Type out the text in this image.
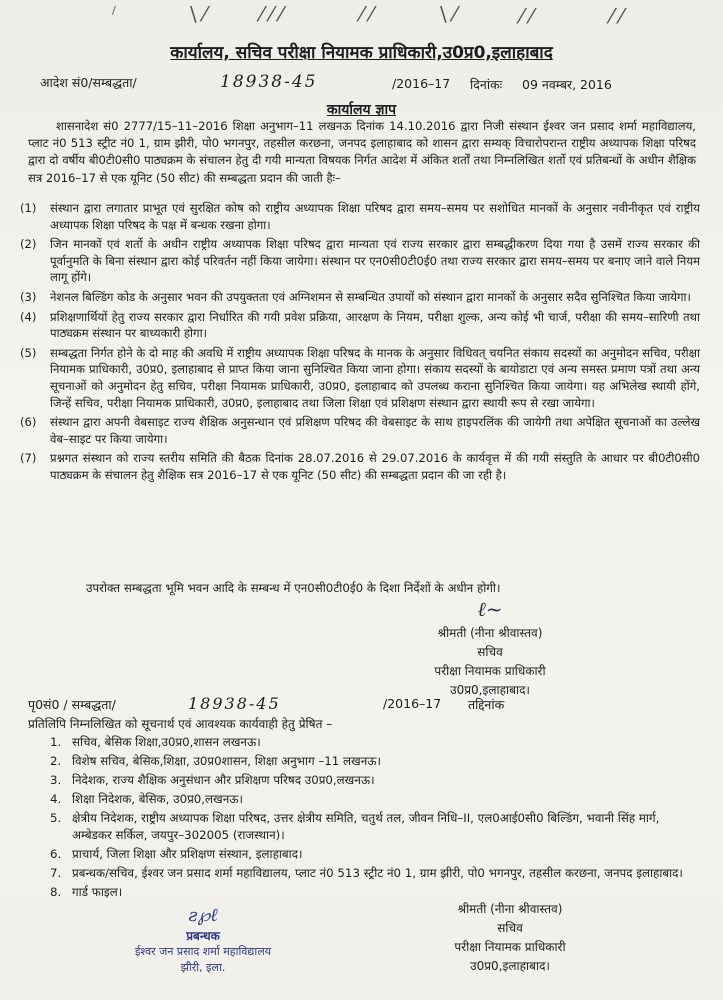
/	\ ⁄	⁄ ⁄ ⁄	⁄ ⁄	\ ⁄	⁄ ⁄	⁄ ⁄
कार्यालय, सचिव परीक्षा नियामक प्राधिकारी,उ0प्र0,इलाहाबाद
आदेश सं0/सम्बद्धता/	18938-45	/2016–17 दिनांकः 09 नवम्बर, 2016
कार्यालय ज्ञाप
शासनादेश सं0 2777/15–11–2016 शिक्षा अनुभाग–11 लखनऊ दिनांक 14.10.2016 द्वारा निजी संस्थान ईश्वर जन प्रसाद शर्मा महाविद्यालय, प्लाट नं0 513 स्ट्रीट नं0 1, ग्राम झीरी, पो0 भगनपुर, तहसील करछना, जनपद इलाहाबाद को शासन द्वारा सम्यक् विचारोपरान्त राष्ट्रीय अध्यापक शिक्षा परिषद द्वारा दो वर्षीय बी0टी0सी0 पाठ्यक्रम के संचालन हेतु दी गयी मान्यता विषयक निर्गत आदेश में अंकित शर्तों तथा निम्नलिखित शर्तो एवं प्रतिबन्धों के अधीन शैक्षिक सत्र 2016–17 से एक यूनिट (50 सीट) की सम्बद्धता प्रदान की जाती हैः–
(1)	संस्थान द्वारा लगातार प्राभूत एवं सुरक्षित कोष को राष्ट्रीय अध्यापक शिक्षा परिषद द्वारा समय–समय पर सशोधित मानकों के अनुसार नवीनीकृत एवं राष्ट्रीय अध्यापक शिक्षा परिषद के पक्ष में बन्धक रखना होगा।
(2)	जिन मानकों एवं शर्तो के अधीन राष्ट्रीय अध्यापक शिक्षा परिषद द्वारा मान्यता एवं राज्य सरकार द्वारा सम्बद्धीकरण दिया गया है उसमें राज्य सरकार की पूर्वानुमति के बिना संस्थान द्वारा कोई परिवर्तन नहीं किया जायेगा। संस्थान पर एन0सी0टी0ई0 तथा राज्य सरकार द्वारा समय–समय पर बनाए जाने वाले नियम लागू होंगे।
(3)	नेशनल बिल्डिंग कोड के अनुसार भवन की उपयुक्तता एवं अग्निशमन से सम्बन्धित उपायों को संस्थान द्वारा मानकों के अनुसार सदैव सुनिश्चित किया जायेगा।
(4)	प्रशिक्षणार्थियों हेतु राज्य सरकार द्वारा निर्धारित की गयी प्रवेश प्रक्रिया, आरक्षण के नियम, परीक्षा शुल्क, अन्य कोई भी चार्ज, परीक्षा की समय–सारिणी तथा पाठ्यक्रम संस्थान पर बाध्यकारी होगा।
(5)	सम्बद्धता निर्गत होने के दो माह की अवधि में राष्ट्रीय अध्यापक शिक्षा परिषद के मानक के अनुसार विधिवत् चयनित संकाय सदस्यों का अनुमोदन सचिव, परीक्षा नियामक प्राधिकारी, उ0प्र0, इलाहाबाद से प्राप्त किया जाना सुनिश्चित किया जाना होगा। संकाय सदस्यों के बायोडाटा एवं अन्य समस्त प्रमाण पत्रों तथा अन्य सूचनाओं को अनुमोदन हेतु सचिव, परीक्षा नियामक प्राधिकारी, उ0प्र0, इलाहाबाद को उपलब्ध कराना सुनिश्चित किया जायेगा। यह अभिलेख स्थायी होंगे, जिन्हें सचिव, परीक्षा नियामक प्राधिकारी, उ0प्र0, इलाहाबाद तथा जिला शिक्षा एवं प्रशिक्षण संस्थान द्वारा स्थायी रूप से रखा जायेगा।
(6)	संस्थान द्वारा अपनी वेबसाइट राज्य शैक्षिक अनुसन्धान एवं प्रशिक्षण परिषद की वेबसाइट के साथ हाइपरलिंक की जायेगी तथा अपेक्षित सूचनाओं का उल्लेख वेब–साइट पर किया जायेगा।
(7)	प्रश्नगत संस्थान को राज्य स्तरीय समिति की बैठक दिनांक 28.07.2016 से 29.07.2016 के कार्यवृत्त में की गयी संस्तुति के आधार पर बी0टी0सी0 पाठ्यक्रम के संचालन हेतु शैक्षिक सत्र 2016–17 से एक यूनिट (50 सीट) की सम्बद्धता प्रदान की जा रही है।
उपरोक्त सम्बद्धता भूमि भवन आदि के सम्बन्ध में एन0सी0टी0ई0 के दिशा निर्देशों के अधीन होगी।
ℓ~
श्रीमती (नीना श्रीवास्तव)
सचिव
परीक्षा नियामक प्राधिकारी
उ0प्र0,इलाहाबाद।
पृ0सं0 / सम्बद्धता/	18938-45	/2016–17 तद्दिनांक
प्रतिलिपि निम्नलिखित को सूचनार्थ एवं आवश्यक कार्यवाही हेतु प्रेषित –
1. सचिव, बेसिक शिक्षा,उ0प्र0,शासन लखनऊ।
2. विशेष सचिव, बेसिक,शिक्षा, उ0प्र0शासन, शिक्षा अनुभाग –11 लखनऊ।
3. निदेशक, राज्य शैक्षिक अनुसंधान और प्रशिक्षण परिषद उ0प्र0,लखनऊ।
4. शिक्षा निदेशक, बेसिक, उ0प्र0,लखनऊ।
5. क्षेत्रीय निदेशक, राष्ट्रीय अध्यापक शिक्षा परिषद, उत्तर क्षेत्रीय समिति, चतुर्थ तल, जीवन निधि–II, एल0आई0सी0 बिल्डिंग, भवानी सिंह मार्ग, अम्बेडकर सर्किल, जयपुर–302005 (राजस्थान)।
6. प्राचार्य, जिला शिक्षा और प्रशिक्षण संस्थान, इलाहाबाद।
7. प्रबन्धक/सचिव, ईश्वर जन प्रसाद शर्मा महाविद्यालय, प्लाट नं0 513 स्ट्रीट नं0 1, ग्राम झीरी, पो0 भगनपुर, तहसील करछना, जनपद इलाहाबाद।
8. गार्ड फाइल।
ƨ℘ℓ
प्रबन्धक
ईश्वर जन प्रसाद शर्मा महाविद्यालय
झीरी, इला.
श्रीमती (नीना श्रीवास्तव)
सचिव
परीक्षा नियामक प्राधिकारी
उ0प्र0,इलाहाबाद।
